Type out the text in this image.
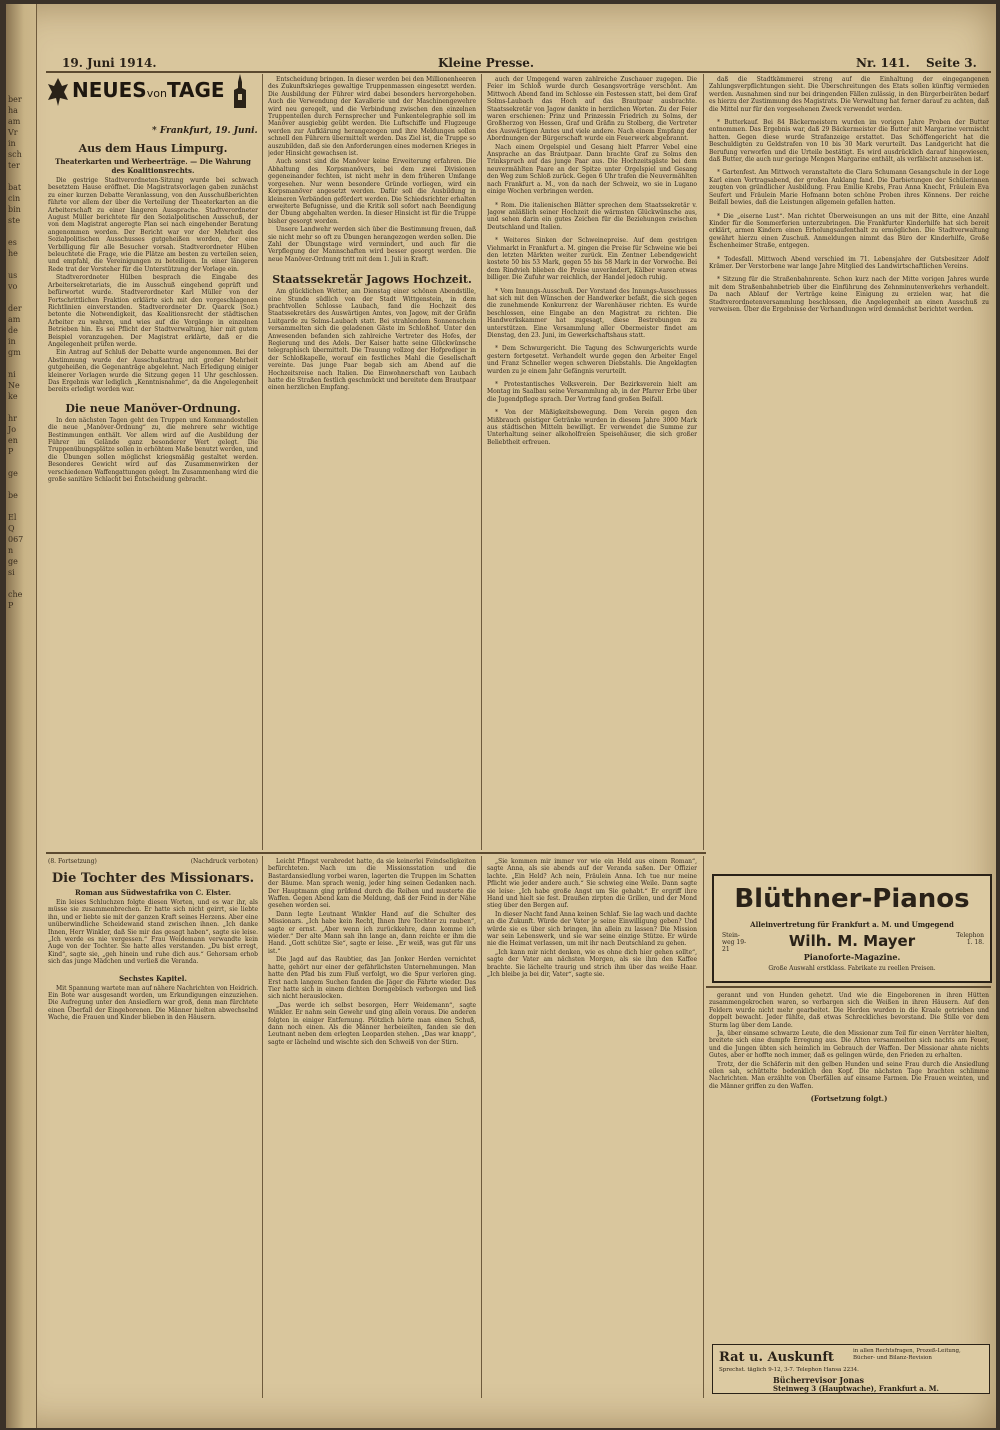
ber
ha
am
Vr
in
sch
ter

bat
cin
bin
ste

es
he

us
vo

der
am
de
in
gm

ni
Ne
ke

hr
Jo
en
P

ge

be

El
Q
067
n
ge
si

che
P
19. Juni 1914.	Kleine Presse.	Nr. 141. Seite 3.
NEUESvonTAGE
* Frankfurt, 19. Juni.
Aus dem Haus Limpurg.
Theaterkarten und Werbeerträge. — Die Wahrung des Koalitionsrechts.

Die gestrige Stadtverordneten-Sitzung wurde bei schwach besetztem Hause eröffnet. Die Magistratsvorlagen gaben zunächst zu einer kurzen Debatte Veranlassung, von den Ausschußberichten führte vor allem der über die Verteilung der Theaterkarten an die Arbeiterschaft zu einer längeren Aussprache. Stadtverordneter August Müller berichtete für den Sozialpolitischen Ausschuß, der von dem Magistrat angeregte Plan sei nach eingehender Beratung angenommen worden. Der Bericht war vor der Mehrheit des Sozialpolitischen Ausschusses gutgeheißen worden, der eine Verbilligung für alle Besucher vorsah. Stadtverordneter Hüben beleuchtete die Frage, wie die Plätze am besten zu verteilen seien, und empfahl, die Vereinigungen zu beteiligen. In einer längeren Rede trat der Vorsteher für die Unterstützung der Vorlage ein.

Stadtverordneter Hülben besprach die Eingabe des Arbeitersekretariats, die im Ausschuß eingehend geprüft und befürwortet wurde. Stadtverordneter Karl Müller von der Fortschrittlichen Fraktion erklärte sich mit den vorgeschlagenen Richtlinien einverstanden. Stadtverordneter Dr. Quarck (Soz.) betonte die Notwendigkeit, das Koalitionsrecht der städtischen Arbeiter zu wahren, und wies auf die Vorgänge in einzelnen Betrieben hin. Es sei Pflicht der Stadtverwaltung, hier mit gutem Beispiel voranzugehen. Der Magistrat erklärte, daß er die Angelegenheit prüfen werde.

Ein Antrag auf Schluß der Debatte wurde angenommen. Bei der Abstimmung wurde der Ausschußantrag mit großer Mehrheit gutgeheißen, die Gegenanträge abgelehnt. Nach Erledigung einiger kleinerer Vorlagen wurde die Sitzung gegen 11 Uhr geschlossen. Das Ergebnis war lediglich „Kenntnisnahme“, da die Angelegenheit bereits erledigt worden war.

Die neue Manöver-Ordnung.

In den nächsten Tagen geht den Truppen und Kommandostellen die neue „Manöver-Ordnung“ zu, die mehrere sehr wichtige Bestimmungen enthält. Vor allem wird auf die Ausbildung der Führer im Gelände ganz besonderer Wert gelegt. Die Truppenübungsplätze sollen in erhöhtem Maße benutzt werden, und die Übungen sollen möglichst kriegsmäßig gestaltet werden. Besonderes Gewicht wird auf das Zusammenwirken der verschiedenen Waffengattungen gelegt. Im Zusammenhang wird die große sanitäre Schlacht bei Entscheidung gebracht.

Entscheidung bringen. In dieser werden bei den Millionenheeren des Zukunftskrieges gewaltige Truppenmassen eingesetzt werden. Die Ausbildung der Führer wird dabei besonders hervorgehoben. Auch die Verwendung der Kavallerie und der Maschinengewehre wird neu geregelt, und die Verbindung zwischen den einzelnen Truppenteilen durch Fernsprecher und Funkentelegraphie soll im Manöver ausgiebig geübt werden. Die Luftschiffe und Flugzeuge werden zur Aufklärung herangezogen und ihre Meldungen sollen schnell den Führern übermittelt werden. Das Ziel ist, die Truppe so auszubilden, daß sie den Anforderungen eines modernen Krieges in jeder Hinsicht gewachsen ist.

Auch sonst sind die Manöver keine Erweiterung erfahren. Die Abhaltung des Korpsmanövers, bei dem zwei Divisionen gegeneinander fechten, ist nicht mehr in dem früheren Umfange vorgesehen. Nur wenn besondere Gründe vorliegen, wird ein Korpsmanöver angesetzt werden. Dafür soll die Ausbildung in kleineren Verbänden gefördert werden. Die Schiedsrichter erhalten erweiterte Befugnisse, und die Kritik soll sofort nach Beendigung der Übung abgehalten werden. In dieser Hinsicht ist für die Truppe bisher gesorgt worden.

Unsere Landwehr werden sich über die Bestimmung freuen, daß sie nicht mehr so oft zu Übungen herangezogen werden sollen. Die Zahl der Übungstage wird vermindert, und auch für die Verpflegung der Mannschaften wird besser gesorgt werden. Die neue Manöver-Ordnung tritt mit dem 1. Juli in Kraft.

Staatssekretär Jagows Hochzeit.

Am glücklichen Wetter, am Dienstag einer schönen Abendstille, eine Stunde südlich von der Stadt Wittgenstein, in dem prachtvollen Schlosse Laubach, fand die Hochzeit des Staatssekretärs des Auswärtigen Amtes, von Jagow, mit der Gräfin Luitgarde zu Solms-Laubach statt. Bei strahlendem Sonnenschein versammelten sich die geladenen Gäste im Schloßhof. Unter den Anwesenden befanden sich zahlreiche Vertreter des Hofes, der Regierung und des Adels. Der Kaiser hatte seine Glückwünsche telegraphisch übermittelt. Die Trauung vollzog der Hofprediger in der Schloßkapelle, worauf ein festliches Mahl die Gesellschaft vereinte. Das junge Paar begab sich am Abend auf die Hochzeitsreise nach Italien. Die Einwohnerschaft von Laubach hatte die Straßen festlich geschmückt und bereitete dem Brautpaar einen herzlichen Empfang.

auch der Umgegend waren zahlreiche Zuschauer zugegen. Die Feier im Schloß wurde durch Gesangsvorträge verschönt. Am Mittwoch Abend fand im Schlosse ein Festessen statt, bei dem Graf Solms-Laubach das Hoch auf das Brautpaar ausbrachte. Staatssekretär von Jagow dankte in herzlichen Worten. Zu der Feier waren erschienen: Prinz und Prinzessin Friedrich zu Solms, der Großherzog von Hessen, Graf und Gräfin zu Stolberg, die Vertreter des Auswärtigen Amtes und viele andere. Nach einem Empfang der Abordnungen der Bürgerschaft wurde ein Feuerwerk abgebrannt.

Nach einem Orgelspiel und Gesang hielt Pfarrer Vebel eine Ansprache an das Brautpaar. Dann brachte Graf zu Solms den Trinkspruch auf das junge Paar aus. Die Hochzeitsgäste bei dem neuvermählten Paare an der Spitze unter Orgelspiel und Gesang den Weg zum Schloß zurück. Gegen 6 Uhr trafen die Neuvermählten nach Frankfurt a. M., von da nach der Schweiz, wo sie in Lugano einige Wochen verbringen werden.

* Rom. Die italienischen Blätter sprechen dem Staatssekretär v. Jagow anläßlich seiner Hochzeit die wärmsten Glückwünsche aus, und sehen darin ein gutes Zeichen für die Beziehungen zwischen Deutschland und Italien.

* Weiteres Sinken der Schweinepreise. Auf dem gestrigen Viehmarkt in Frankfurt a. M. gingen die Preise für Schweine wie bei den letzten Märkten weiter zurück. Ein Zentner Lebendgewicht kostete 50 bis 53 Mark, gegen 55 bis 58 Mark in der Vorwoche. Bei dem Rindvieh blieben die Preise unverändert, Kälber waren etwas billiger. Die Zufuhr war reichlich, der Handel jedoch ruhig.

* Vom Innungs-Ausschuß. Der Vorstand des Innungs-Ausschusses hat sich mit den Wünschen der Handwerker befaßt, die sich gegen die zunehmende Konkurrenz der Warenhäuser richten. Es wurde beschlossen, eine Eingabe an den Magistrat zu richten. Die Handwerkskammer hat zugesagt, diese Bestrebungen zu unterstützen. Eine Versammlung aller Obermeister findet am Dienstag, den 23. Juni, im Gewerkschaftshaus statt.

* Dem Schwurgericht. Die Tagung des Schwurgerichts wurde gestern fortgesetzt. Verhandelt wurde gegen den Arbeiter Engel und Franz Schneller wegen schweren Diebstahls. Die Angeklagten wurden zu je einem Jahr Gefängnis verurteilt.

* Protestantisches Volksverein. Der Bezirksverein hielt am Montag im Saalbau seine Versammlung ab, in der Pfarrer Erbe über die Jugendpflege sprach. Der Vortrag fand großen Beifall.

* Von der Mäßigkeitsbewegung. Dem Verein gegen den Mißbrauch geistiger Getränke wurden in diesem Jahre 3000 Mark aus städtischen Mitteln bewilligt. Er verwendet die Summe zur Unterhaltung seiner alkoholfreien Speisehäuser, die sich großer Beliebtheit erfreuen.

daß die Stadtkämmerei streng auf die Einhaltung der eingegangenen Zahlungsverpflichtungen sieht. Die Überschreitungen des Etats sollen künftig vermieden werden. Ausnahmen sind nur bei dringenden Fällen zulässig, in den Bürgerbeiräten bedarf es hierzu der Zustimmung des Magistrats. Die Verwaltung hat ferner darauf zu achten, daß die Mittel nur für den vorgesehenen Zweck verwendet werden.

* Butterkauf. Bei 84 Bäckermeistern wurden im vorigen Jahre Proben der Butter entnommen. Das Ergebnis war, daß 29 Bäckermeister die Butter mit Margarine vermischt hatten. Gegen diese wurde Strafanzeige erstattet. Das Schöffengericht hat die Beschuldigten zu Geldstrafen von 10 bis 30 Mark verurteilt. Das Landgericht hat die Berufung verworfen und die Urteile bestätigt. Es wird ausdrücklich darauf hingewiesen, daß Butter, die auch nur geringe Mengen Margarine enthält, als verfälscht anzusehen ist.

* Gartenfest. Am Mittwoch veranstaltete die Clara Schumann Gesangschule in der Loge Karl einen Vortragsabend, der großen Anklang fand. Die Darbietungen der Schülerinnen zeugten von gründlicher Ausbildung. Frau Emilie Krebs, Frau Anna Knecht, Fräulein Eva Seufert und Fräulein Marie Hofmann boten schöne Proben ihres Könnens. Der reiche Beifall bewies, daß die Leistungen allgemein gefallen hatten.

* Die „eiserne Lust“. Man richtet Überweisungen an uns mit der Bitte, eine Anzahl Kinder für die Sommerferien unterzubringen. Die Frankfurter Kinderhilfe hat sich bereit erklärt, armen Kindern einen Erholungsaufenthalt zu ermöglichen. Die Stadtverwaltung gewährt hierzu einen Zuschuß. Anmeldungen nimmt das Büro der Kinderhilfe, Große Eschenheimer Straße, entgegen.

* Todesfall. Mittwoch Abend verschied im 71. Lebensjahre der Gutsbesitzer Adolf Krämer. Der Verstorbene war lange Jahre Mitglied des Landwirtschaftlichen Vereins.

* Sitzung für die Straßenbahnrente. Schon kurz nach der Mitte vorigen Jahres wurde mit dem Straßenbahnbetrieb über die Einführung des Zehnminutenverkehrs verhandelt. Da nach Ablauf der Verträge keine Einigung zu erzielen war, hat die Stadtverordnetenversammlung beschlossen, die Angelegenheit an einen Ausschuß zu verweisen. Über die Ergebnisse der Verhandlungen wird demnächst berichtet werden.

Blüthner-Pianos
Alleinvertretung für Frankfurt a. M. und Umgegend
Stein-weg 19-21	Wilh. M. Mayer	Telephon 1. 18.
Pianoforte-Magazine.
Große Auswahl erstklass. Fabrikate zu reellen Preisen.
(8. Fortsetzung)	(Nachdruck verboten)
Die Tochter des Missionars.
Roman aus Südwestafrika von C. Elster.

Ein leises Schluchzen folgte diesen Worten, und es war ihr, als müsse sie zusammenbrechen. Er hatte sich nicht geirrt, sie liebte ihn, und er liebte sie mit der ganzen Kraft seines Herzens. Aber eine unüberwindliche Scheidewand stand zwischen ihnen. „Ich danke Ihnen, Herr Winkler, daß Sie mir das gesagt haben“, sagte sie leise. „Ich werde es nie vergessen.“ Frau Weidemann verwandte kein Auge von der Tochter. Sie hatte alles verstanden. „Du bist erregt, Kind“, sagte sie, „geh hinein und ruhe dich aus.“ Gehorsam erhob sich das junge Mädchen und verließ die Veranda.

Sechstes Kapitel.

Mit Spannung wartete man auf nähere Nachrichten von Heidrich. Ein Bote war ausgesandt worden, um Erkundigungen einzuziehen. Die Aufregung unter den Ansiedlern war groß, denn man fürchtete einen Überfall der Eingeborenen. Die Männer hielten abwechselnd Wache, die Frauen und Kinder blieben in den Häusern.

Leicht Pfingst verabredet hatte, da sie keinerlei Feindseligkeiten befürchteten. Nach um die Missionsstation und die Bastardansiedlung vorbei waren, lagerten die Truppen im Schatten der Bäume. Man sprach wenig, jeder hing seinen Gedanken nach. Der Hauptmann ging prüfend durch die Reihen und musterte die Waffen. Gegen Abend kam die Meldung, daß der Feind in der Nähe gesehen worden sei.

Dann legte Leutnant Winkler Hand auf die Schulter des Missionars. „Ich habe kein Recht, Ihnen Ihre Tochter zu rauben“, sagte er ernst. „Aber wenn ich zurückkehre, dann komme ich wieder.“ Der alte Mann sah ihn lange an, dann reichte er ihm die Hand. „Gott schütze Sie“, sagte er leise. „Er weiß, was gut für uns ist.“

Die Jagd auf das Raubtier, das Jan Jonker Herden vernichtet hatte, gehört nur einer der gefährlichsten Unternehmungen. Man hatte den Pfad bis zum Fluß verfolgt, wo die Spur verloren ging. Erst nach langem Suchen fanden die Jäger die Fährte wieder. Das Tier hatte sich in einem dichten Dorngebüsch verborgen und ließ sich nicht herauslocken.

„Das werde ich selbst besorgen, Herr Weidemann“, sagte Winkler. Er nahm sein Gewehr und ging allein voraus. Die anderen folgten in einiger Entfernung. Plötzlich hörte man einen Schuß, dann noch einen. Als die Männer herbeieilten, fanden sie den Leutnant neben dem erlegten Leoparden stehen. „Das war knapp“, sagte er lächelnd und wischte sich den Schweiß von der Stirn.

„Sie kommen mir immer vor wie ein Held aus einem Roman“, sagte Anna, als sie abends auf der Veranda saßen. Der Offizier lachte. „Ein Held? Ach nein, Fräulein Anna. Ich tue nur meine Pflicht wie jeder andere auch.“ Sie schwieg eine Weile. Dann sagte sie leise: „Ich habe große Angst um Sie gehabt.“ Er ergriff ihre Hand und hielt sie fest. Draußen zirpten die Grillen, und der Mond stieg über den Bergen auf.

In dieser Nacht fand Anna keinen Schlaf. Sie lag wach und dachte an die Zukunft. Würde der Vater je seine Einwilligung geben? Und würde sie es über sich bringen, ihn allein zu lassen? Die Mission war sein Lebenswerk, und sie war seine einzige Stütze. Er würde nie die Heimat verlassen, um mit ihr nach Deutschland zu gehen.

„Ich kann mir nicht denken, wie es ohne dich hier gehen sollte“, sagte der Vater am nächsten Morgen, als sie ihm den Kaffee brachte. Sie lächelte traurig und strich ihm über das weiße Haar. „Ich bleibe ja bei dir, Vater“, sagte sie.

gerannt und von Hunden gehetzt. Und wie die Eingeborenen in ihren Hütten zusammengekrochen waren, so verbargen sich die Weißen in ihren Häusern. Auf den Feldern wurde nicht mehr gearbeitet. Die Herden wurden in die Kraale getrieben und doppelt bewacht. Jeder fühlte, daß etwas Schreckliches bevorstand. Die Stille vor dem Sturm lag über dem Lande.

Ja, über einsame schwarze Leute, die den Missionar zum Teil für einen Verräter hielten, breitete sich eine dumpfe Erregung aus. Die Alten versammelten sich nachts am Feuer, und die Jungen übten sich heimlich im Gebrauch der Waffen. Der Missionar ahnte nichts Gutes, aber er hoffte noch immer, daß es gelingen würde, den Frieden zu erhalten.

Trotz, der die Schäferin mit den gelben Hunden und seine Frau durch die Ansiedlung eilen sah, schüttelte bedenklich den Kopf. Die nächsten Tage brachten schlimme Nachrichten. Man erzählte von Überfällen auf einsame Farmen. Die Frauen weinten, und die Männer griffen zu den Waffen.

(Fortsetzung folgt.)
Rat u. Auskunft	in allen Rechtsfragen, Prozeß-Leitung, Bücher- und Bilanz-Revision
Sprechst. täglich 9-12, 3-7. Telephon Hansa 2234.
Bücherrevisor Jonas
Steinweg 3 (Hauptwache), Frankfurt a. M.
